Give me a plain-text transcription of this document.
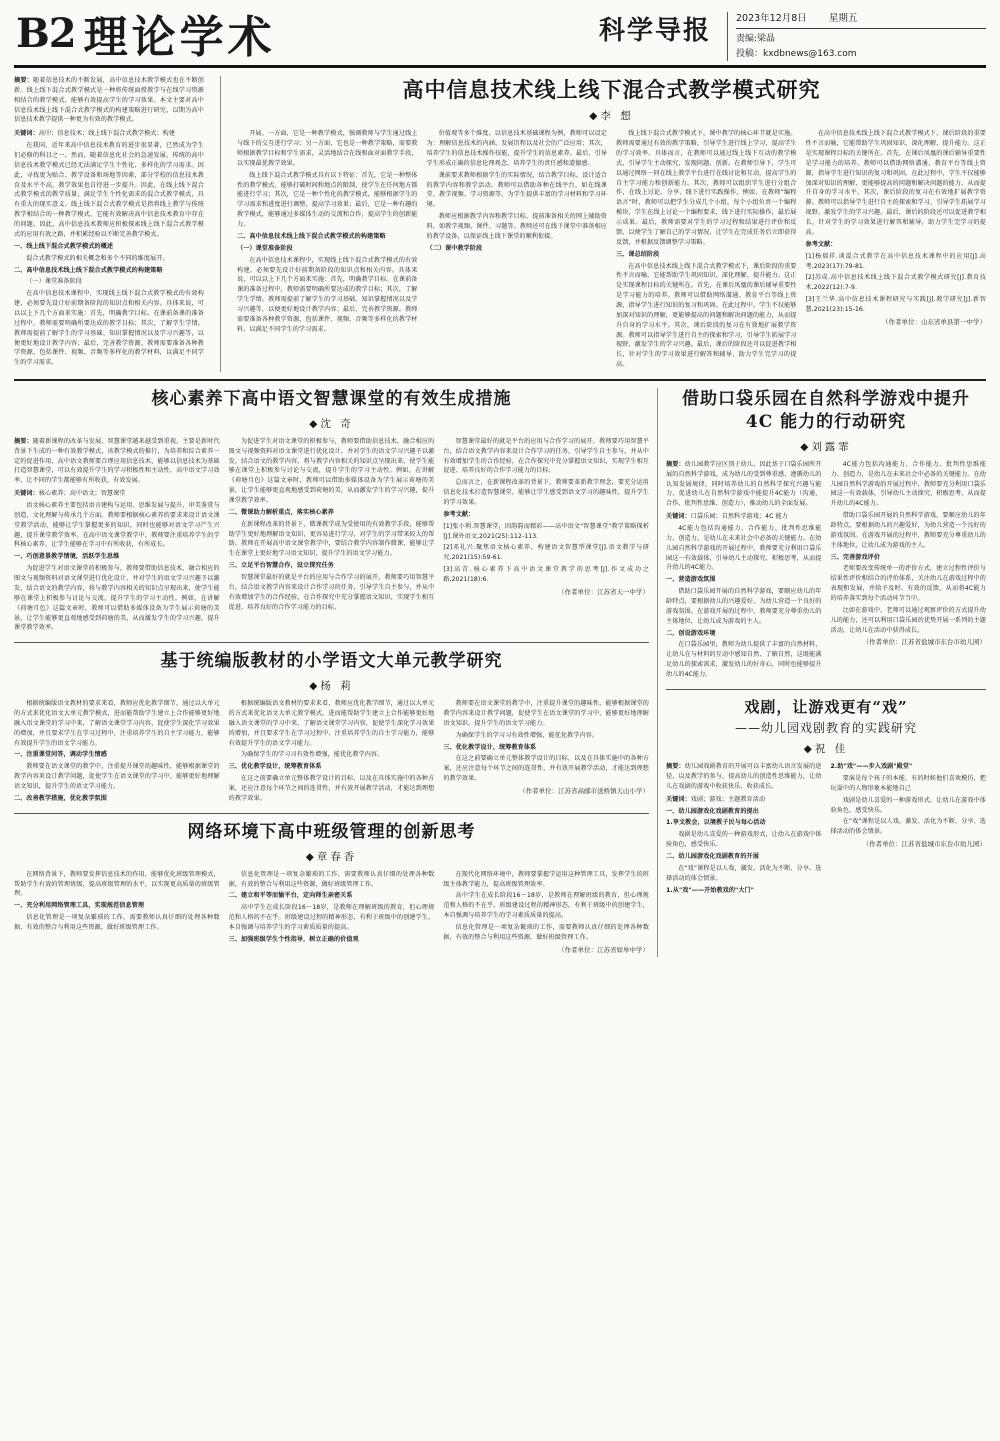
B2 理论学术	科学导报	2023年12月8日 星期五
责编:梁晶
投稿：kxdbnews@163.com

摘要：随着信息技术的不断发展，高中信息技术教学模式也在不断创新。线上线下混合式教学模式是一种将传统面授教学与在线学习资源相结合的教学模式，能够有效提高学生的学习效果。本文主要对高中信息技术线上线下混合式教学模式的构建策略进行研究，以期为高中信息技术教学提供一种更为有效的教学模式。

关键词：高中；信息技术；线上线下混合式教学模式；构建

在我国，近年来高中信息技术教育的进步很显著，已然成为学生们必修的科目之一。然而，随着信息化社会的急速发展，传统的高中信息技术教学模式已经无法满足学生个性化、多样化的学习需求。因此，寻找更为贴合、教学设备和场地等因素，部分学校的信息技术教育及水平不高，教学效果也自待进一步提升。因此，在线上线下混合式教学模式的教学质量，满足学生个性化需求的混合式教学模式，具有重大的现实意义。线上线下混合式教学模式是指将线上教学与传统教学相结合的一种教学模式，它能有效解决高中信息技术教育中存在的问题。因此，高中信息技术教师应积极探索线上线下混合式教学模式的应用有效之路，并积累经验以不断完善教学模式。

一、线上线下混合式教学模式的概述

混合式教学模式的相关概念和多个不同的维度展开。

二、高中信息技术线上线下混合式教学模式的构建策略

（一）课堂准备阶段

在高中信息技术课程中，实现线上线下混合式教学模式的有效构建，必须要先设计好前期备阶段的知识点和相关内容。具体来说，可以以上下几个方面来实施：首先，明确教学目标。在课前备课的准备过程中，教师需要明确所要达成的教学目标；其次，了解学生学情。教师需提前了解学生的学习基础、知识掌握情况以及学习兴趣等，以便更好地设计教学内容；最后，完善教学资源。教师需要准备各种教学资源，包括课件、视频、音频等多样化的教学材料，以满足不同学生的学习需求。

高中信息技术线上线下混合式教学模式研究
◆ 李 想

开展。一方面，它是一种教学模式，强调教师与学生通过线上与线下的交互进行学习；另一方面，它也是一种教学策略，需要教师根据教学目标和学生需求，灵活地结合在线和面对面教学手段，以实现最优教学效果。

线上线下混合式教学模式具有以下特征：首先，它是一种整体性的教学模式，能够打破时间和地点的限制，使学生在任何地方都能进行学习；其次，它是一种个性化的教学模式，能够根据学生的学习需求和进度进行调整，提高学习效果；最后，它是一种有趣的教学模式，能够通过多媒体生动的交流和合作，提高学生的创新能力。

二、高中信息技术线上线下混合式教学模式的构建策略

（一）课堂准备阶段

在高中信息技术课程中，实现线上线下混合式教学模式的有效构建，必须要先设计好前期备阶段的知识点和相关内容。具体来说，可以以上下几个方面来实施：首先，明确教学目标。在课前备课的准备过程中，教师需要明确所要达成的教学目标；其次，了解学生学情。教师需提前了解学生的学习基础、知识掌握情况以及学习兴趣等，以便更好地设计教学内容；最后，完善教学资源。教师需要准备各种教学资源，包括课件、视频、音频等多样化的教学材料，以满足不同学生的学习需求。

价值观等多个维度。以信息技术基础课程为例，教师可以设定为：理解信息技术的内涵、发展历程以及社会的广泛应用；其次，培养学生的信息技术操作技能，提升学生的信息素养。最后，引导学生形成正确的信息伦理观念，培养学生的责任感和道德感。

课前要求教师根据学生的实际情况，结合教学目标，设计适合的教学内容和教学活动。教师可以借助各种在线平台，如在线课堂、教学视频、学习资源等，为学生提供丰富的学习材料和学习环境。

教师应根据教学内容和教学目标，提前准备相关的网上辅助资料，如教学视频、课件、习题等。教师还可在线下课堂中准备相应的教学设备，以保证线上线下课堂的顺利衔接。

（二）课中教学阶段

线上线下混合式教学模式下，课中教学的核心环节就是实施。教师需要通过有效的教学策略，引导学生进行线上学习，提高学生的学习效率。具体而言，在教师可以通过线上线下互动的教学模式，引导学生主动探究、发现问题、创新。在教师引导下，学生可以通过网络一同在线上教学平台进行在线讨论和互动，提高学生的自主学习能力和创新能力。其次，教师可以组织学生进行分组合作，在线上讨论、分享、线下进行实践操作，例如，在教师“编程语言”时，教师可以把学生分成几个小组，每个小组负责一个编程模块，学生在线上讨论一个编程要求，线下进行实际操作，最后展示成果。最后，教师需要对学生的学习过程和结果进行评价和反馈，以便学生了解自己的学习情况，让学生在完成任务后立即获得反馈，并根据反馈调整学习策略。

三、课总结阶段

在高中信息技术线上线下混合式教学模式下，课后阶段的重要性不言而喻，它能帮助学生巩固知识、深化理解、提升能力。这正是实现课程目标的关键所在。首先，在课后凤凰的课后辅导重要性是学习能力的培养。教师可以借助网络溝通、教育平台等线上资源，指导学生进行知识的复习和巩固。在此过程中，学生不仅能够加深对知识的理解，更能够提高的问题和解决问题的能力，从而提升自身的学习水平。其次，课后阶段的复习在有效地扩展教学资源。教师可以指导学生进行自主的探索和学习，引导学生拓展学习视野，激发学生的学习兴趣。最后，课后的阶段还可以促进教学相长，针对学生的学习效果进行解答和辅导，助力学生完学习的提高。

在高中信息技术线上线下混合式教学模式下，课后阶段的重要性不言而喻，它能帮助学生巩固知识、深化理解、提升能力。这正是实现课程目标的关键所在。首先，在课后凤凰的课后辅导重要性是学习能力的培养。教师可以借助网络溝通、教育平台等线上资源，指导学生进行知识的复习和巩固。在此过程中，学生不仅能够加深对知识的理解，更能够提高的问题和解决问题的能力，从而提升自身的学习水平。其次，课后阶段的复习在有效地扩展教学资源。教师可以指导学生进行自主的探索和学习，引导学生拓展学习视野，激发学生的学习兴趣。最后，课后的阶段还可以促进教学相长，针对学生的学习效果进行解答和辅导，助力学生完学习的提高。

参考文献：

[1]杨瑞祥.谈混合式教学在高中信息技术课程中的应用[J].高考,2023(17):79-81.

[2]苏成.高中信息技术线上线下混合式教学模式研究[J].教育技术,2022(12):7-9.

[3]王兰华.高中信息技术课程研究与实践[J].教学研究[J].新智慧,2021(23):15-16.

（作者单位：山东省单县第一中学）

核心素养下高中语文智慧课堂的有效生成措施
◆ 沈 奇

摘要：随着新课程的改革与发展，智慧课堂越来越受到重视，主要是新时代背景下生成的一种有效教学模式，该教学模式的推行，为培养和综合素养一定的促进作用，高中语文教师要合理应用信息技术，能够以信息技术为基础打造智慧课堂，可以有效提升学生的学习积极性和主动性，高中语文学习效率，让不同的学生都能够有所收获，有效发展。

关键词：核心素养；高中语文；智慧课堂

语文核心素养主要包括语言建构与运用、思维发展与提升、审美鉴赏与创造、文化理解与传承几个方面。教师要根据核心素养的要求来设计语文课堂教学活动，能够让学生掌握更多的知识，同时也能够对语文学习产生兴趣，提升课堂教学效率。在高中语文课堂教学中，教师要注重培养学生的学科核心素养，让学生能够在学习中有所收获，有所成长。

一、巧创意景教学情境，活跃学生思维

为促进学生对语文课堂的积极参与，教师要借助信息技术，融合相应的图文与视频资料对语文课堂进行优化设计，并对学生的语文学习兴趣予以激发，结合语文的教学内容，将与教学内容相关的知识点呈现出来，使学生能够在课堂上积极参与讨论与交流，提升学生的学习主动性。例如，在讲解《荷塘月色》这篇文章时，教师可以借助多媒体设备为学生展示荷塘的美景，让学生能够更直观地感受到荷塘的美，从而激发学生的学习兴趣，提升课堂教学效率。

为促进学生对语文课堂的积极参与，教师要借助信息技术，融合相应的图文与视频资料对语文课堂进行优化设计，并对学生的语文学习兴趣予以激发，结合语文的教学内容，将与教学内容相关的知识点呈现出来，使学生能够在课堂上积极参与讨论与交流，提升学生的学习主动性。例如，在讲解《荷塘月色》这篇文章时，教师可以借助多媒体设备为学生展示荷塘的美景，让学生能够更直观地感受到荷塘的美，从而激发学生的学习兴趣，提升课堂教学效率。

二、微课助力解析重点，落实核心素养

在新课程改革的背景下，微课教学成为受使用的有效教学手段，能够帮助学生更好地理解语文知识，更容易进行学习，对学生的学习带来较大的帮助。教师在开展高中语文课堂教学中，要结合教学内容制作微课，能够让学生在课堂上更好地学习语文知识，提升学生的语文学习能力。

三、立足平台智慧合作，设立探究任务

智慧课堂最好的就是平台的应用与合作学习的展开，教师要巧用智慧平台，结合语文教学内容来设计合作学习的任务，引导学生自主参与，并从中有效增加学生的合作经验，在合作探究中充分掌握语文知识，实现学生相互促进、培养良好的合作学习能力的目标。

智慧课堂最好的就是平台的应用与合作学习的展开，教师要巧用智慧平台，结合语文教学内容来设计合作学习的任务，引导学生自主参与，并从中有效增加学生的合作经验，在合作探究中充分掌握语文知识，实现学生相互促进、培养良好的合作学习能力的目标。

总而言之，在新课程改革的背景下，教师要革新教学理念，要充分运用信息化技术打造智慧课堂，能够让学生感受到语文学习的趣味性，提升学生的学习效果。

参考文献：

[1]张小利.智慧课堂，因韵韵而精彩——高中语文"智慧课堂"教学策略探析[J].课外语文,2021(25):112-113.

[2]邓礼兴.聚焦语文核心素养，构建语文智慧型课堂[J].语文教学与研究,2021(15):59-61.

[3]高青.核心素养下高中语文课堂教学的思考[J].作文成功之路,2021(18):6.

（作者单位：江苏省天一中学）

基于统编版教材的小学语文大单元教学研究
◆ 杨 莉

根据统编版语文教材的要求来看，教师应优化教学细节，通过以大单元的方式来优化语文大单元教学模式，进而能帮助学生建立上合作能够更好地融入语文课堂的学习中来，了解语文课堂学习内容，促使学生深化学习效果的增加，并且要求学生在学习过程中，注重培养学生的自主学习能力，能够有效提升学生的语文学习能力。

一、注重课堂问答，调动学生情感

教师要在语文课堂的教学中，注重提升课堂的趣味性，能够根据课堂的教学内容来设计教学问题，促使学生在语文课堂的学习中，能够更好地理解语文知识，提升学生的语文学习能力。

二、改善教学措施，优化教学氛围

根据统编版语文教材的要求来看，教师应优化教学细节，通过以大单元的方式来优化语文大单元教学模式，进而能帮助学生建立上合作能够更好地融入语文课堂的学习中来，了解语文课堂学习内容，促使学生深化学习效果的增加，并且要求学生在学习过程中，注重培养学生的自主学习能力，能够有效提升学生的语文学习能力。

为确保学生的学习习有效性增强，能优化教学内容。

三、优化教学设计，统筹教育体系

在这之前要确立单元整体教学设计的目标，以及在具体实施中的各种方案，还应注意每个环节之间的连贯性，并有效开展教学活动，才能达到理想的教学效果。

教师要在语文课堂的教学中，注重提升课堂的趣味性，能够根据课堂的教学内容来设计教学问题，促使学生在语文课堂的学习中，能够更好地理解语文知识，提升学生的语文学习能力。

为确保学生的学习习有效性增强，能优化教学内容。

三、优化教学设计，统筹教育体系

在这之前要确立单元整体教学设计的目标，以及在具体实施中的各种方案，还应注意每个环节之间的连贯性，并有效开展教学活动，才能达到理想的教学效果。

（作者单位：江苏省高邮市送桥镇天山小学）

网络环境下高中班级管理的创新思考
◆ 章春香

在网络背景下，教师要发挥信息技术的作用，能够优化班级管理模式，帮助学生有效的管理班级，提高班级管理的水平，以实现更高质量的班级管理。

一、充分利用网络管理工具，实现规范信息管理

信息化管理是一项复杂繁琐的工作，需要教师认真仔细的处理各种数据，有效的整合与利用这些资源，做好班级管理工作。

信息化管理是一项复杂繁琐的工作，需要教师认真仔细的处理各种数据，有效的整合与利用这些资源，做好班级管理工作。

二、建立和平等而愉平台，定向师生亲密关系

高中学生在成长阶段16～18岁，是教师在理解班级的教育，但心理规范和人格的不在乎。班级建设过程的精神形态，有利于班级中的创建学生，本自强调与培养学生的学习素质质量的提高。

三、加强班级学生个性指导，树立正确的价值观

在现代化网络环境中，教师要掌握学运用这种管理工具，发挥学生的班级主体教学能力，提高班级管理效率。

高中学生在成长阶段16～18岁，是教师在理解班级的教育，但心理规范和人格的不在乎。班级建设过程的精神形态，有利于班级中的创建学生，本自强调与培养学生的学习素质质量的提高。

信息化管理是一项复杂繁琐的工作，需要教师认真仔细的处理各种数据，有效的整合与利用这些资源，做好班级管理工作。

（作者单位：江苏省如皋中学）

借助口袋乐园在自然科学游戏中提升 4C 能力的行动研究
◆ 刘露霏

摘要：幼儿园教学应区别于幼儿，因此基于口袋乐园所开展的自然科学游戏，成为幼儿的受到尊重感、遵循幼儿的认知发展规律，同时培养幼儿的自然科学探究兴趣与能力，促进幼儿在自然科学游戏中能提升4C能力（沟通、合作、批判性思维、创造力），推动幼儿的全面发展。

关键词：口袋乐园；自然科学游戏；4C 能力

4C能力包括沟通能力、合作能力、批判性思维能力、创造力，是幼儿在未来社会中必备的关键能力。在幼儿园自然科学游戏的开展过程中，教师要充分利用口袋乐园这一有效载体，引导幼儿主动探究、积极思考，从而提升幼儿的4C能力。

一、营造游戏氛围

借助口袋乐园开展的自然科学游戏，要顺应幼儿的年龄特点，要根据幼儿的兴趣爱好，为幼儿营造一个良好的游戏氛围。在游戏开展的过程中，教师要充分尊重幼儿的主体地位，让幼儿成为游戏的主人。

二、创设游戏环境

在口袋乐园里，教师为幼儿提供了丰富的自然材料，让幼儿在与材料的互动中感知自然、了解自然，这既能满足幼儿的探索需求，激发幼儿的好奇心，同时也能够提升幼儿的4C能力。

4C能力包括沟通能力、合作能力、批判性思维能力、创造力，是幼儿在未来社会中必备的关键能力。在幼儿园自然科学游戏的开展过程中，教师要充分利用口袋乐园这一有效载体，引导幼儿主动探究、积极思考，从而提升幼儿的4C能力。

借助口袋乐园开展的自然科学游戏，要顺应幼儿的年龄特点，要根据幼儿的兴趣爱好，为幼儿营造一个良好的游戏氛围。在游戏开展的过程中，教师要充分尊重幼儿的主体地位，让幼儿成为游戏的主人。

三、完善游戏评价

老师要改变传统单一的评价方式，建立过程性评价与结果性评价相结合的评价体系，关注幼儿在游戏过程中的表现和发展，并给予及时、有效的反馈，从而将4C能力的培养落实到每个活动环节当中。

比如在游戏中，老师可以通过观察评价的方式提升幼儿的能力，还可以利用口袋乐园的优势开展一系列的主题活动，让幼儿在活动中获得成长。

（作者单位：江苏省盐城市东台市幼儿园）

戏剧，让游戏更有“戏”
——幼儿园戏剧教育的实践研究
◆ 祝 佳

摘要：幼儿园戏剧教育的开展可以丰富幼儿语言发展的途径，以及教学的参与，提高幼儿的创造性思维能力，让幼儿在戏剧的游戏中收获快乐、收获成长。

关键词：戏剧；游戏；主题教育活动

一、幼儿园游戏化戏剧教育的提出

1.享文教会，以境教子民与每心活动

戏剧是幼儿喜爱的一种游戏形式，让幼儿在游戏中体验角色，感受快乐。

二、幼儿园游戏化戏剧教育的开展

在“戏”课程是以人戏，激发、活化为不断、分享、选择活动的体会情景。

1.从"戏"——开始教戏的"大门"

2.助"戏"——步入戏剧"殿堂"

要演是每个孩子的本能，有的时候他们喜欢模仿，把玩耍中的人物形象本能地自己

戏剧是幼儿喜爱的一种游戏形式，让幼儿在游戏中体验角色，感受快乐。

在“戏”课程是以人戏，激发、活化为不断、分享、选择活动的体会情景。

（作者单位：江苏省盐城市东台市幼儿园）
